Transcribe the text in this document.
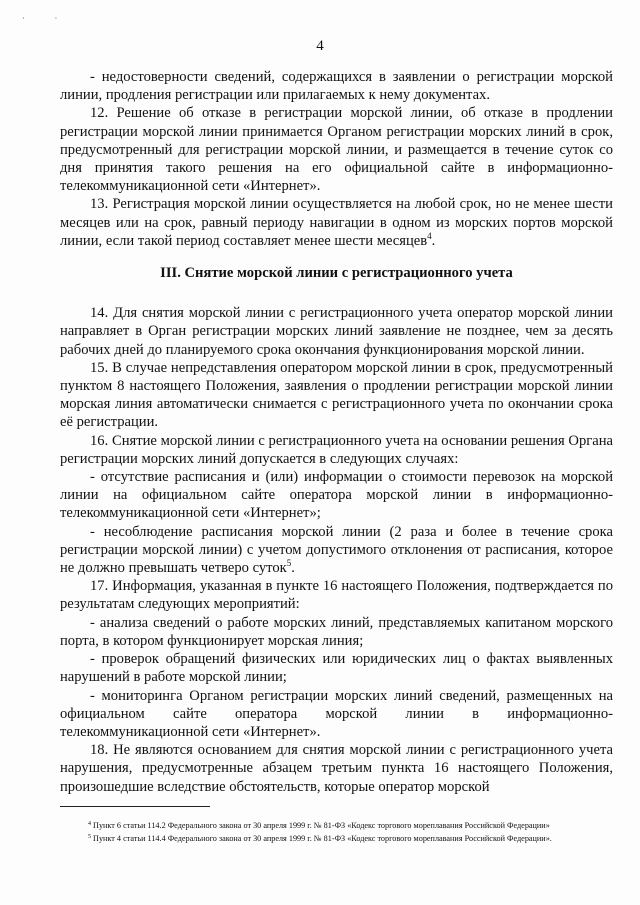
· ·
4

- недостоверности сведений, содержащихся в заявлении о регистрации морской линии, продления регистрации или прилагаемых к нему документах.

12. Решение об отказе в регистрации морской линии, об отказе в продлении регистрации морской линии принимается Органом регистрации морских линий в срок, предусмотренный для регистрации морской линии, и размещается в течение суток со дня принятия такого решения на его официальной сайте в информационно-телекоммуникационной сети «Интернет».

13. Регистрация морской линии осуществляется на любой срок, но не менее шести месяцев или на срок, равный периоду навигации в одном из морских портов морской линии, если такой период составляет менее шести месяцев$^4$.

III. Снятие морской линии с регистрационного учета

14. Для снятия морской линии с регистрационного учета оператор морской линии направляет в Орган регистрации морских линий заявление не позднее, чем за десять рабочих дней до планируемого срока окончания функционирования морской линии.

15. В случае непредставления оператором морской линии в срок, предусмотренный пунктом 8 настоящего Положения, заявления о продлении регистрации морской линии морская линия автоматически снимается с регистрационного учета по окончании срока её регистрации.

16. Снятие морской линии с регистрационного учета на основании решения Органа регистрации морских линий допускается в следующих случаях:

- отсутствие расписания и (или) информации о стоимости перевозок на морской линии на официальном сайте оператора морской линии в информационно-телекоммуникационной сети «Интернет»;

- несоблюдение расписания морской линии (2 раза и более в течение срока регистрации морской линии) с учетом допустимого отклонения от расписания, которое не должно превышать четверо суток$^5$.

17. Информация, указанная в пункте 16 настоящего Положения, подтверждается по результатам следующих мероприятий:

- анализа сведений о работе морских линий, представляемых капитаном морского порта, в котором функционирует морская линия;

- проверок обращений физических или юридических лиц о фактах выявленных нарушений в работе морской линии;

- мониторинга Органом регистрации морских линий сведений, размещенных на официальном сайте оператора морской линии в информационно-телекоммуникационной сети «Интернет».

18. Не являются основанием для снятия морской линии с регистрационного учета нарушения, предусмотренные абзацем третьим пункта 16 настоящего Положения, произошедшие вследствие обстоятельств, которые оператор морской

$^4$ Пункт 6 статьи 114.2 Федерального закона от 30 апреля 1999 г. № 81-ФЗ «Кодекс торгового мореплавания Российской Федерации»
$^5$ Пункт 4 статьи 114.4 Федерального закона от 30 апреля 1999 г. № 81-ФЗ «Кодекс торгового мореплавания Российской Федерации».
